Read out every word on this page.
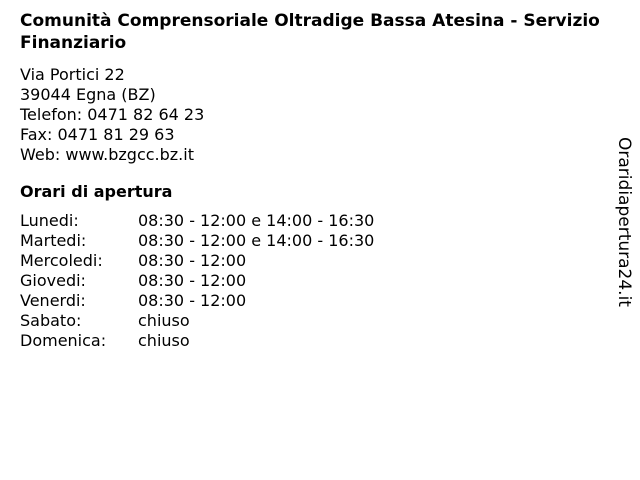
Comunità Comprensoriale Oltradige Bassa Atesina - Servizio Finanziario
Via Portici 22
39044 Egna (BZ)
Telefon: 0471 82 64 23
Fax: 0471 81 29 63
Web: www.bzgcc.bz.it
Orari di apertura
Lunedi:	08:30 - 12:00 e 14:00 - 16:30
Martedi:	08:30 - 12:00 e 14:00 - 16:30
Mercoledi:	08:30 - 12:00
Giovedi:	08:30 - 12:00
Venerdi:	08:30 - 12:00
Sabato:	chiuso
Domenica:	chiuso
Oraridiapertura24.it
